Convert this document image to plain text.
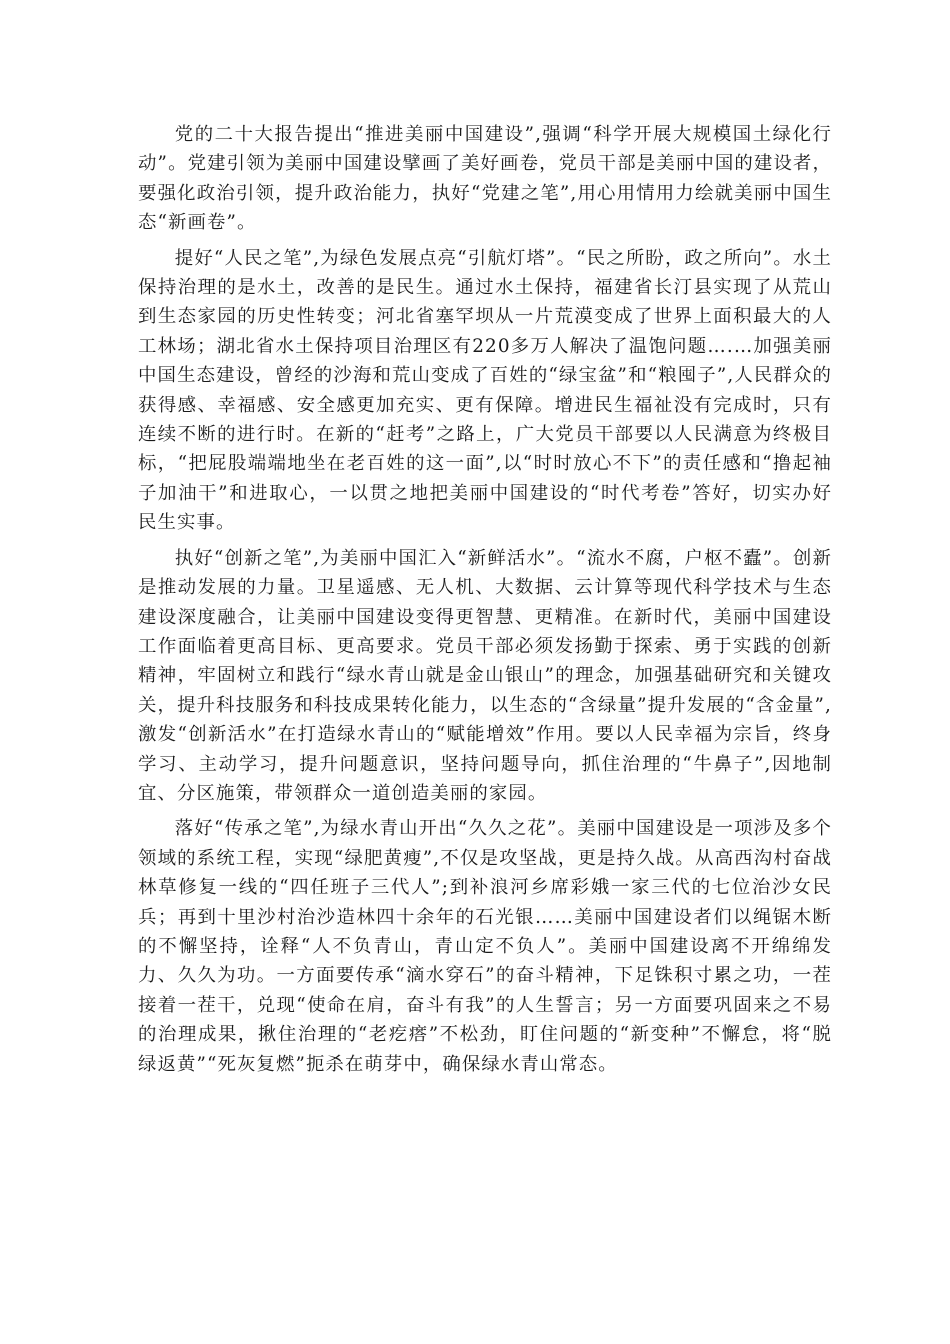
党的二十大报告提出“推进美丽中国建设”,强调“科学开展大规模国土绿化行动”。党建引领为美丽中国建设擘画了美好画卷，党员干部是美丽中国的建设者，要强化政治引领，提升政治能力，执好“党建之笔”,用心用情用力绘就美丽中国生态“新画卷”。

提好“人民之笔”,为绿色发展点亮“引航灯塔”。“民之所盼，政之所向”。水土保持治理的是水土，改善的是民生。通过水土保持，福建省长汀县实现了从荒山到生态家园的历史性转变；河北省塞罕坝从一片荒漠变成了世界上面积最大的人工林场；湖北省水土保持项目治理区有220多万人解决了温饱问题….…加强美丽中国生态建设，曾经的沙海和荒山变成了百姓的“绿宝盆”和“粮囤子”,人民群众的获得感、幸福感、安全感更加充实、更有保障。增进民生福祉没有完成时，只有连续不断的进行时。在新的“赶考”之路上，广大党员干部要以人民满意为终极目标，“把屁股端端地坐在老百姓的这一面”,以“时时放心不下”的责任感和“撸起袖子加油干”和进取心，一以贯之地把美丽中国建设的“时代考卷”答好，切实办好民生实事。

执好“创新之笔”,为美丽中国汇入“新鲜活水”。“流水不腐，户枢不蠹”。创新是推动发展的力量。卫星遥感、无人机、大数据、云计算等现代科学技术与生态建设深度融合，让美丽中国建设变得更智慧、更精准。在新时代，美丽中国建设工作面临着更高目标、更高要求。党员干部必须发扬勤于探索、勇于实践的创新精神，牢固树立和践行“绿水青山就是金山银山”的理念，加强基础研究和关键攻关，提升科技服务和科技成果转化能力，以生态的“含绿量”提升发展的“含金量”,激发“创新活水”在打造绿水青山的“赋能增效”作用。要以人民幸福为宗旨，终身学习、主动学习，提升问题意识，坚持问题导向，抓住治理的“牛鼻子”,因地制宜、分区施策，带领群众一道创造美丽的家园。

落好“传承之笔”,为绿水青山开出“久久之花”。美丽中国建设是一项涉及多个领域的系统工程，实现“绿肥黄瘦”,不仅是攻坚战，更是持久战。从高西沟村奋战林草修复一线的“四任班子三代人”;到补浪河乡席彩娥一家三代的七位治沙女民兵；再到十里沙村治沙造林四十余年的石光银……美丽中国建设者们以绳锯木断的不懈坚持，诠释“人不负青山，青山定不负人”。美丽中国建设离不开绵绵发力、久久为功。一方面要传承“滴水穿石”的奋斗精神，下足铢积寸累之功，一茬接着一茬干，兑现“使命在肩，奋斗有我”的人生誓言；另一方面要巩固来之不易的治理成果，揪住治理的“老疙瘩”不松劲，盯住问题的“新变种”不懈怠，将“脱绿返黄”“死灰复燃”扼杀在萌芽中，确保绿水青山常态。
